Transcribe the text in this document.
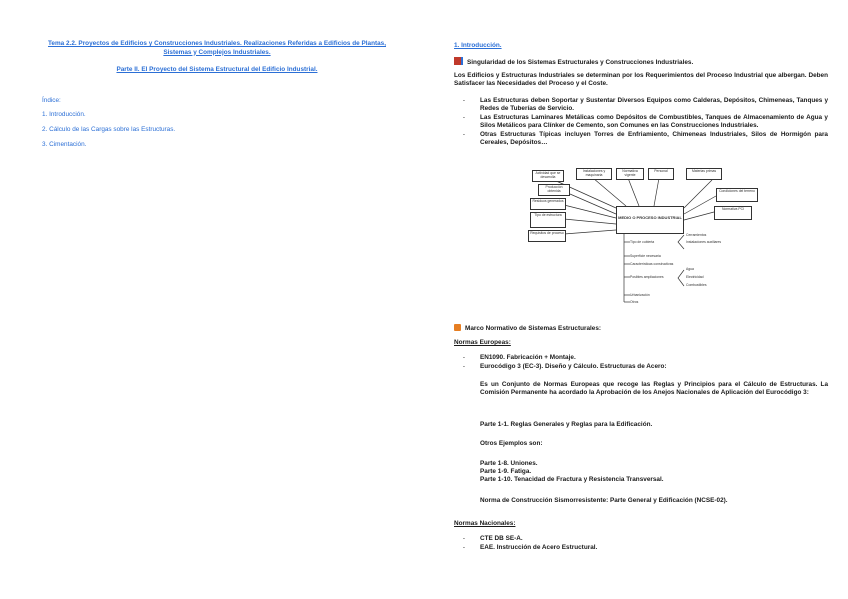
Tema 2.2. Proyectos de Edificios y Construcciones Industriales. Realizaciones Referidas a Edificios de Plantas, Sistemas y Complejos Industriales.
Parte II. El Proyecto del Sistema Estructural del Edificio Industrial.
Índice:
1. Introducción.
2. Cálculo de las Cargas sobre las Estructuras.
3. Cimentación.
1. Introducción.
Singularidad de los Sistemas Estructurales y Construcciones Industriales.
Los Edificios y Estructuras Industriales se determinan por los Requerimientos del Proceso Industrial que albergan. Deben Satisfacer las Necesidades del Proceso y el Coste.
-	Las Estructuras deben Soportar y Sustentar Diversos Equipos como Calderas, Depósitos, Chimeneas, Tanques y Redes de Tuberías de Servicio.
-	Las Estructuras Laminares Metálicas como Depósitos de Combustibles, Tanques de Almacenamiento de Agua y Silos Metálicos para Clínker de Cemento, son Comunes en las Construcciones Industriales.
-	Otras Estructuras Típicas incluyen Torres de Enfriamiento, Chimeneas Industriales, Silos de Hormigón para Cereales, Depósitos…
MEDIO O PROCESO INDUSTRIAL
Actividad que se desarrolla
Instalaciones y maquinaria
Normativa vigente
Personal	Materias primas
Producción obtenida
Residuos generados
Tipo de estructura
Requisitos de proceso
Condiciones del terreno
Normativa PCI
Tipo de cubierta
Cerramientos
Instalaciones auxiliares
Superficie necesaria
Características constructivas
Posibles ampliaciones
Agua
Electricidad
Combustibles
Urbanización
Otros
Marco Normativo de Sistemas Estructurales:
Normas Europeas:
-	EN1090. Fabricación + Montaje.
-	Eurocódigo 3 (EC-3). Diseño y Cálculo. Estructuras de Acero:
Es un Conjunto de Normas Europeas que recoge las Reglas y Principios para el Cálculo de Estructuras. La Comisión Permanente ha acordado la Aprobación de los Anejos Nacionales de Aplicación del Eurocódigo 3:
Parte 1-1. Reglas Generales y Reglas para la Edificación.
Otros Ejemplos son:
Parte 1-8. Uniones.
Parte 1-9. Fatiga.
Parte 1-10. Tenacidad de Fractura y Resistencia Transversal.
Norma de Construcción Sismorresistente: Parte General y Edificación (NCSE-02).
Normas Nacionales:
-	CTE DB SE-A.
-	EAE. Instrucción de Acero Estructural.
